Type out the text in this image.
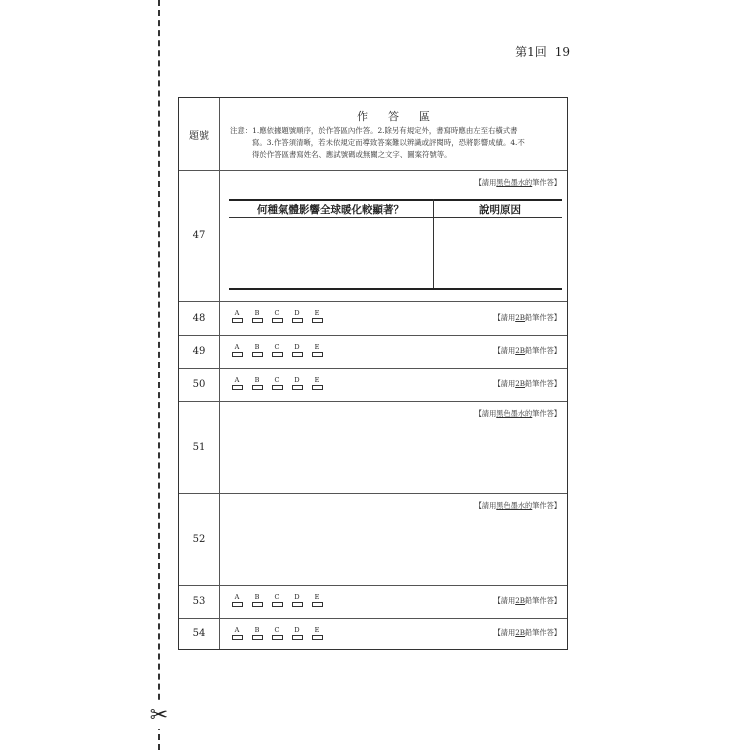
✂
第1回 19
題號
作答區
注意：1.應依據題號順序，於作答區內作答。2.除另有規定外，書寫時應由左至右橫式書
寫。3.作答須清晰，若未依規定而導致答案難以辨識或評閱時，恐將影響成績。4.不
得於作答區書寫姓名、應試號碼或無關之文字、圖案符號等。
47
【請用黑色墨水的筆作答】
何種氣體影響全球暖化較顯著？	說明原因
48	A	B	C	D	E	【請用2B鉛筆作答】
49	A	B	C	D	E	【請用2B鉛筆作答】
50	A	B	C	D	E	【請用2B鉛筆作答】
51
【請用黑色墨水的筆作答】
52
【請用黑色墨水的筆作答】
53	A	B	C	D	E	【請用2B鉛筆作答】
54	A	B	C	D	E	【請用2B鉛筆作答】
